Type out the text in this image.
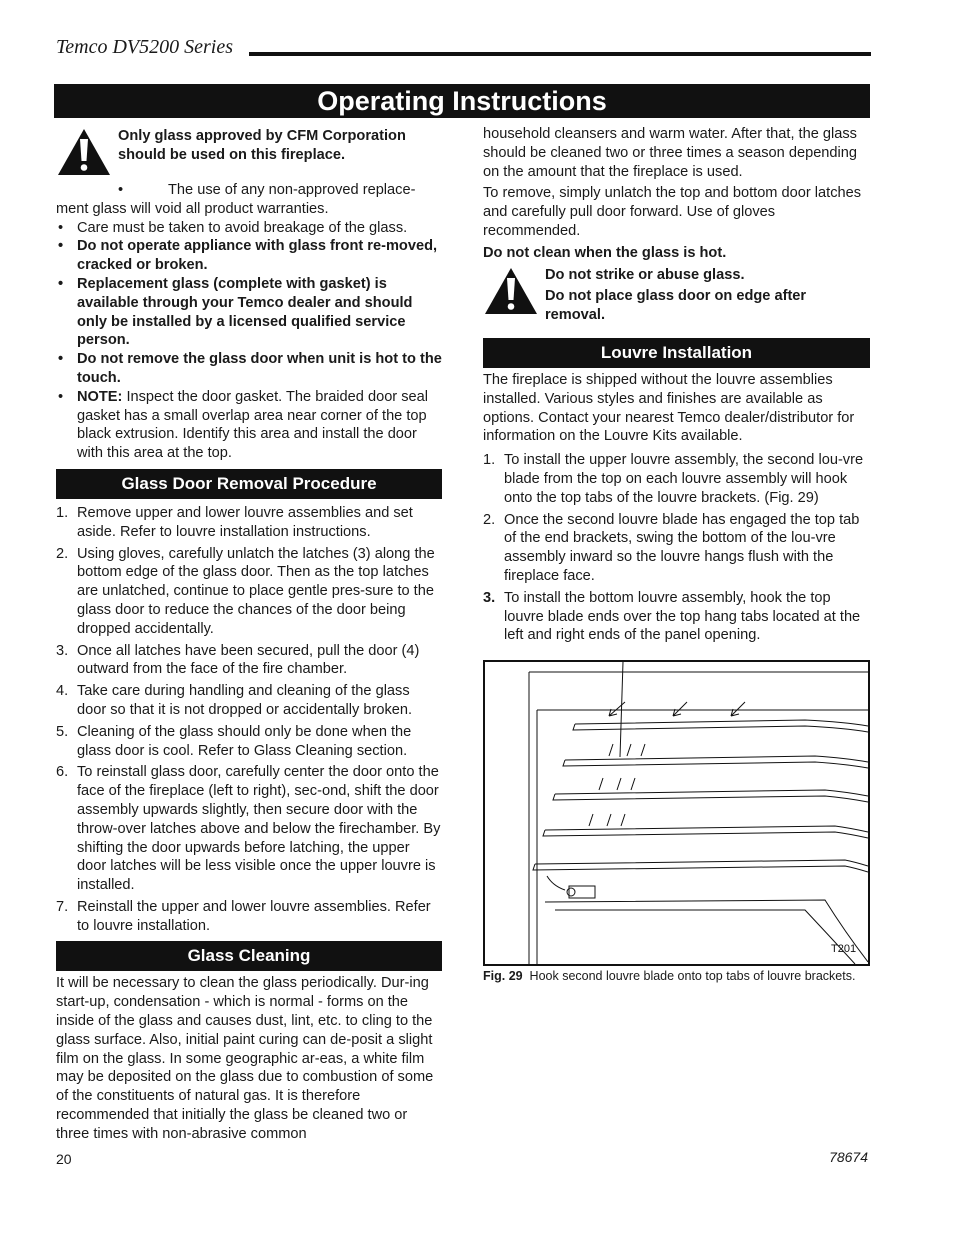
Temco DV5200 Series
Operating Instructions

Only glass approved by CFM Corporation should be used on this fireplace.

•	The use of any non-approved replace-ment glass will void all product warranties.

• Care must be taken to avoid breakage of the glass.
• Do not operate appliance with glass front re-moved, cracked or broken.
• Replacement glass (complete with gasket) is available through your Temco dealer and should only be installed by a licensed qualified service person.
• Do not remove the glass door when unit is hot to the touch.
• NOTE: Inspect the door gasket. The braided door seal gasket has a small overlap area near corner of the top black extrusion. Identify this area and install the door with this area at the top.
Glass Door Removal Procedure
1. Remove upper and lower louvre assemblies and set aside. Refer to louvre installation instructions.
2. Using gloves, carefully unlatch the latches (3) along the bottom edge of the glass door. Then as the top latches are unlatched, continue to place gentle pres-sure to the glass door to reduce the chances of the door being dropped accidentally.
3. Once all latches have been secured, pull the door (4) outward from the face of the fire chamber.
4. Take care during handling and cleaning of the glass door so that it is not dropped or accidentally broken.
5. Cleaning of the glass should only be done when the glass door is cool. Refer to Glass Cleaning section.
6. To reinstall glass door, carefully center the door onto the face of the fireplace (left to right), sec-ond, shift the door assembly upwards slightly, then secure door with the throw-over latches above and below the firechamber. By shifting the door upwards before latching, the upper door latches will be less visible once the upper louvre is installed.
7. Reinstall the upper and lower louvre assemblies. Refer to louvre installation.
Glass Cleaning

It will be necessary to clean the glass periodically. Dur-ing start-up, condensation - which is normal - forms on the inside of the glass and causes dust, lint, etc. to cling to the glass surface. Also, initial paint curing can de-posit a slight film on the glass. In some geographic ar-eas, a white film may be deposited on the glass due to combustion of some of the constituents of natural gas. It is therefore recommended that initially the glass be cleaned two or three times with non-abrasive common

household cleansers and warm water. After that, the glass should be cleaned two or three times a season depending on the amount that the fireplace is used.

To remove, simply unlatch the top and bottom door latches and carefully pull door forward. Use of gloves recommended.

Do not clean when the glass is hot.

Do not strike or abuse glass.

Do not place glass door on edge after removal.

Louvre Installation

The fireplace is shipped without the louvre assemblies installed. Various styles and finishes are available as options. Contact your nearest Temco dealer/distributor for information on the Louvre Kits available.

1. To install the upper louvre assembly, the second lou-vre blade from the top on each louvre assembly will hook onto the top tabs of the louvre brackets. (Fig. 29)
2. Once the second louvre blade has engaged the top tab of the end brackets, swing the bottom of the lou-vre assembly inward so the louvre hangs flush with the fireplace face.
3. To install the bottom louvre assembly, hook the top louvre blade ends over the top hang tabs located at the left and right ends of the panel opening.
T201

Fig. 29 Hook second louvre blade onto top tabs of louvre brackets.

20	78674
